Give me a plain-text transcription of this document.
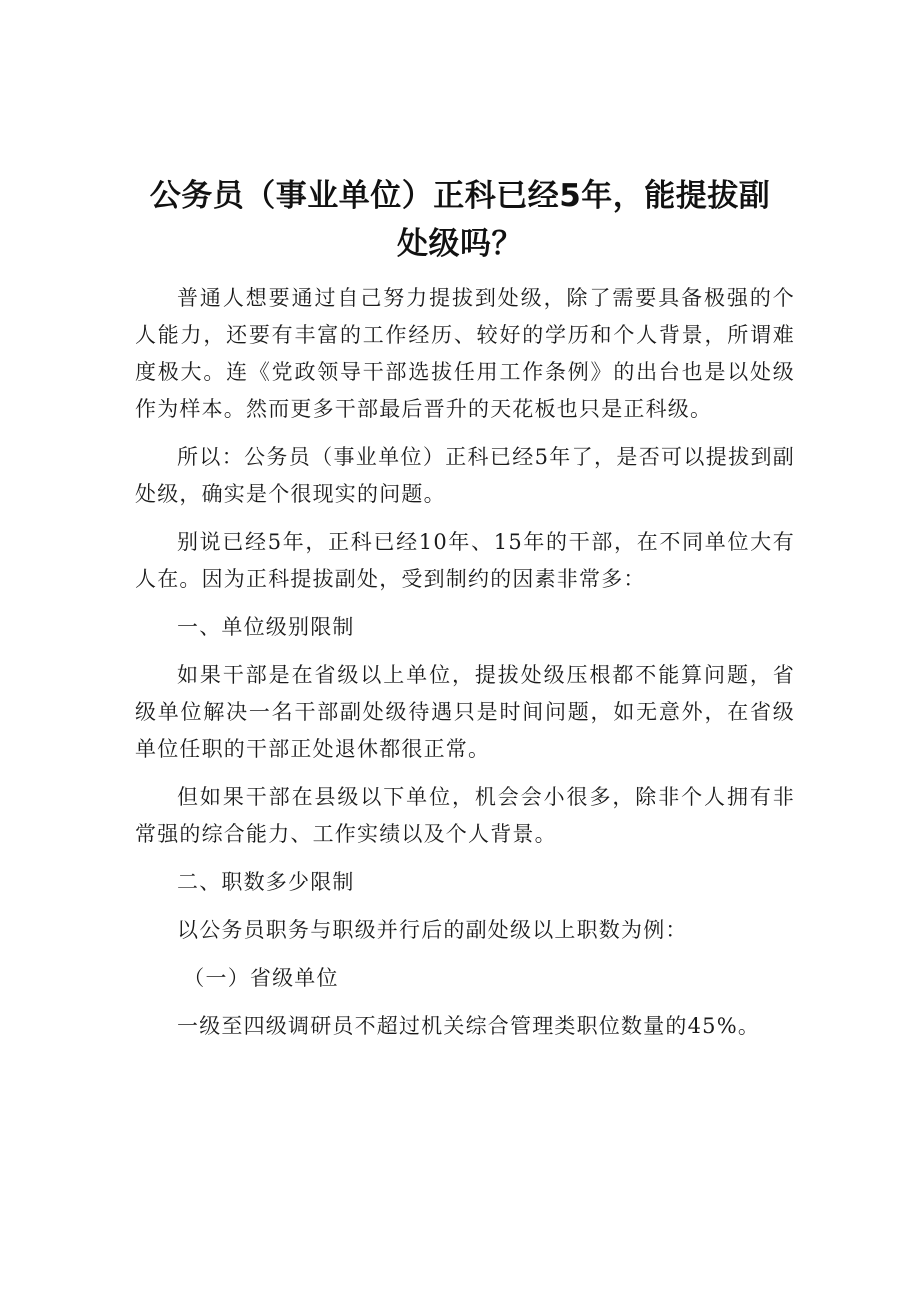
公务员（事业单位）正科已经5年，能提拔副处级吗？

普通人想要通过自己努力提拔到处级，除了需要具备极强的个人能力，还要有丰富的工作经历、较好的学历和个人背景，所谓难度极大。连《党政领导干部选拔任用工作条例》的出台也是以处级作为样本。然而更多干部最后晋升的天花板也只是正科级。

所以：公务员（事业单位）正科已经5年了，是否可以提拔到副处级，确实是个很现实的问题。

别说已经5年，正科已经10年、15年的干部，在不同单位大有人在。因为正科提拔副处，受到制约的因素非常多：

一、单位级别限制

如果干部是在省级以上单位，提拔处级压根都不能算问题，省级单位解决一名干部副处级待遇只是时间问题，如无意外，在省级单位任职的干部正处退休都很正常。

但如果干部在县级以下单位，机会会小很多，除非个人拥有非常强的综合能力、工作实绩以及个人背景。

二、职数多少限制

以公务员职务与职级并行后的副处级以上职数为例：

（一）省级单位

一级至四级调研员不超过机关综合管理类职位数量的45%。
